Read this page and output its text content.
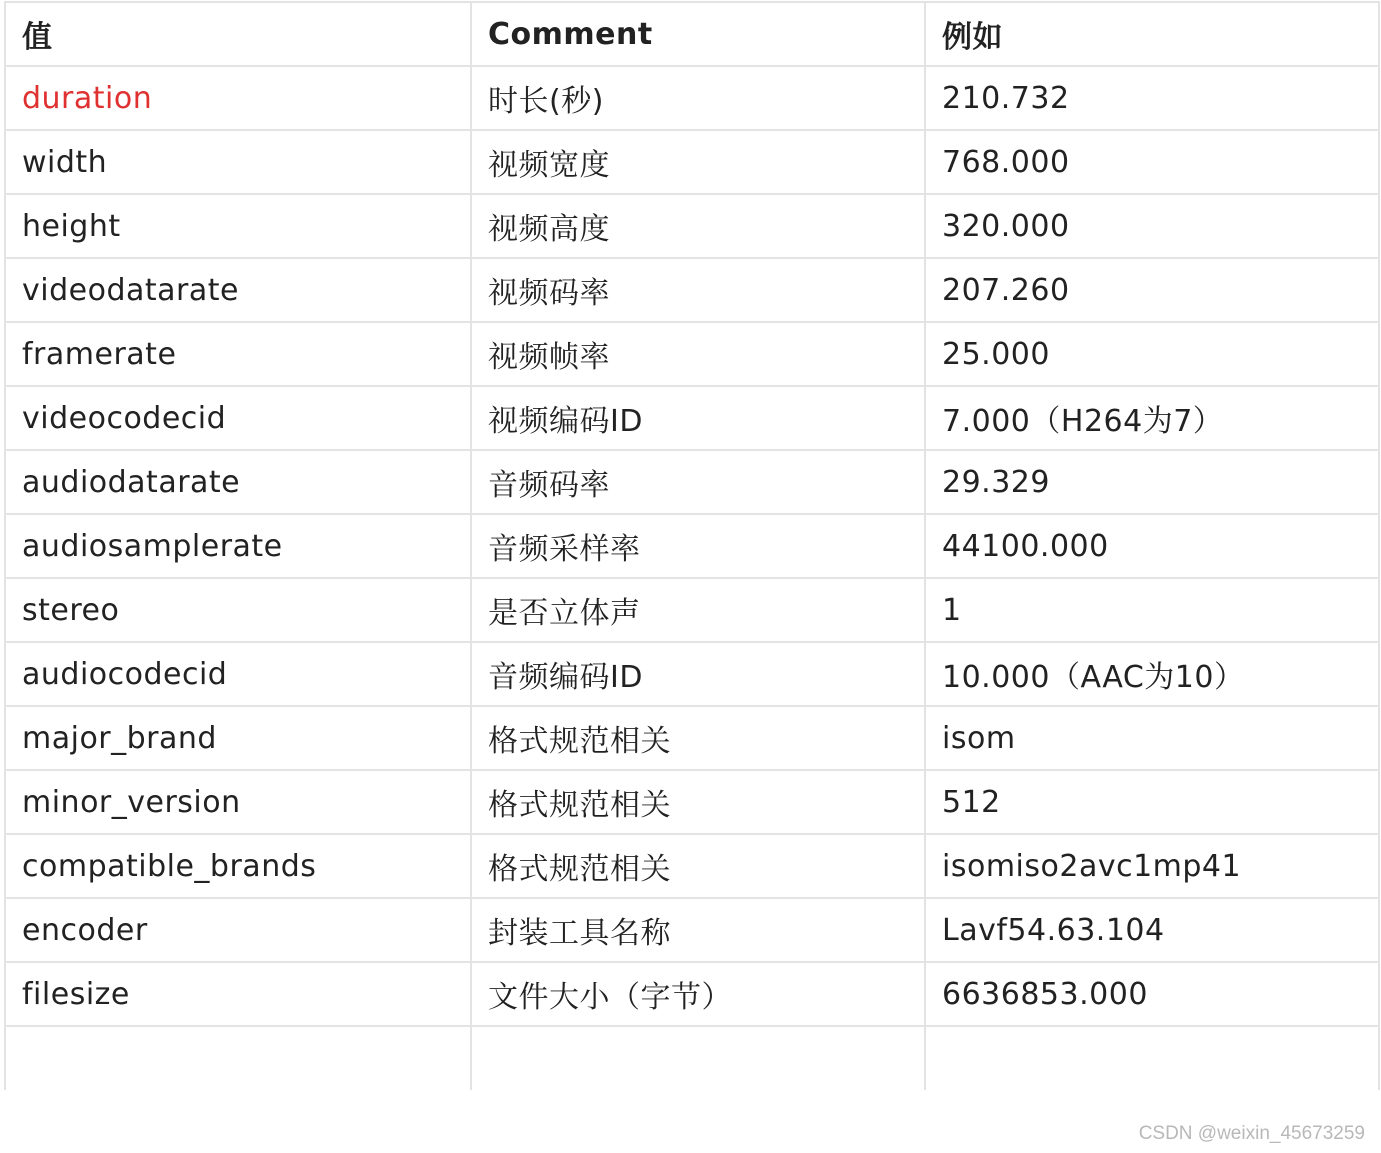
值	Comment	例如
duration	时长(秒)	210.732
width	视频宽度	768.000
height	视频高度	320.000
videodatarate	视频码率	207.260
framerate	视频帧率	25.000
videocodecid	视频编码ID	7.000（H264为7）
audiodatarate	音频码率	29.329
audiosamplerate	音频采样率	44100.000
stereo	是否立体声	1
audiocodecid	音频编码ID	10.000（AAC为10）
major_brand	格式规范相关	isom
minor_version	格式规范相关	512
compatible_brands	格式规范相关	isomiso2avc1mp41
encoder	封装工具名称	Lavf54.63.104
filesize	文件大小（字节）	6636853.000

CSDN @weixin_45673259
